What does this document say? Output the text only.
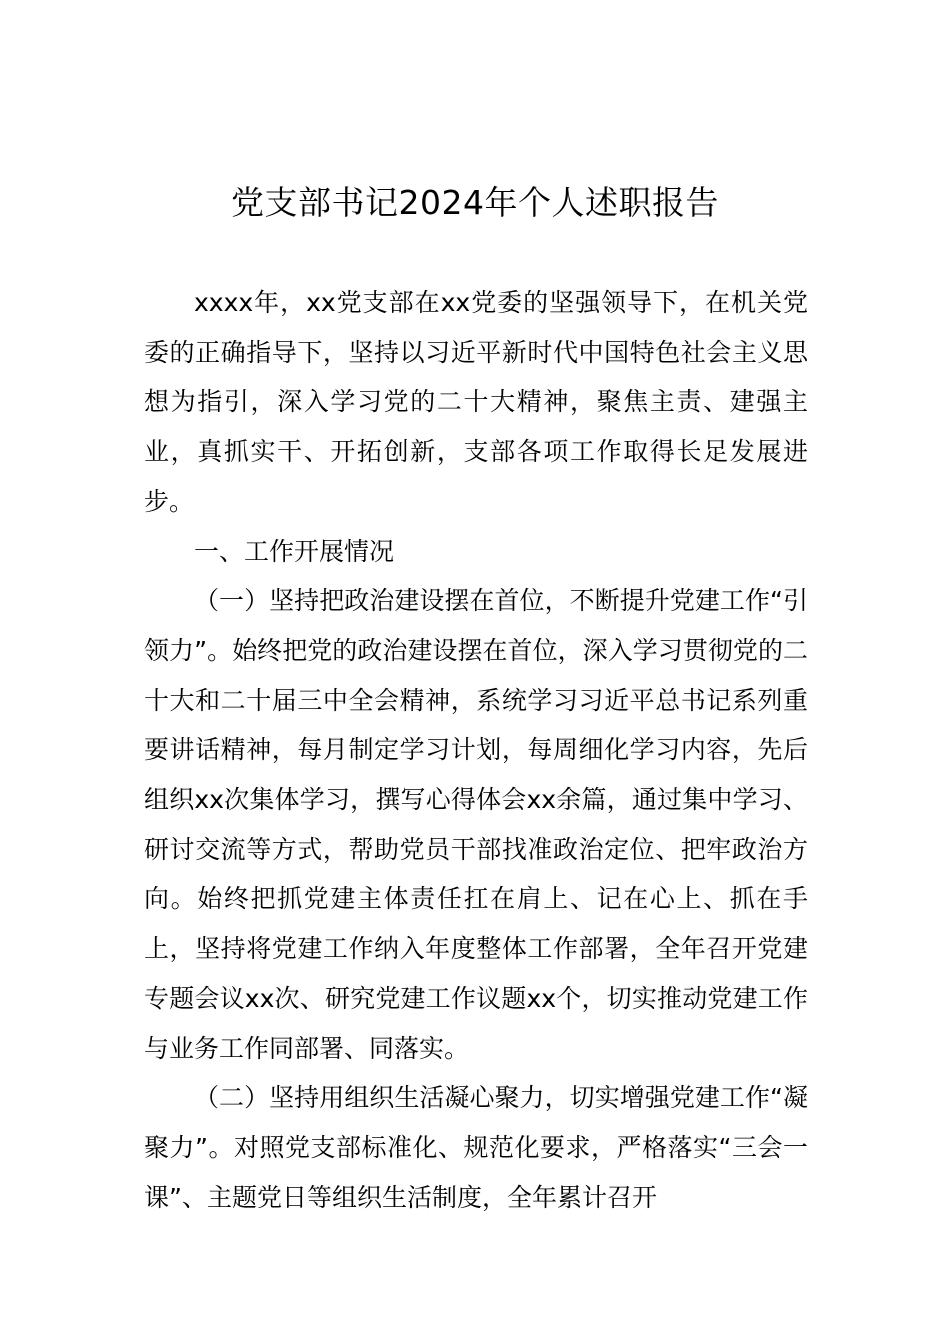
党支部书记2024年个人述职报告

xxxx年，xx党支部在xx党委的坚强领导下，在机关党委的正确指导下，坚持以习近平新时代中国特色社会主义思想为指引，深入学习党的二十大精神，聚焦主责、建强主业，真抓实干、开拓创新，支部各项工作取得长足发展进步。

一、工作开展情况

（一）坚持把政治建设摆在首位，不断提升党建工作“引领力”。始终把党的政治建设摆在首位，深入学习贯彻党的二十大和二十届三中全会精神，系统学习习近平总书记系列重要讲话精神，每月制定学习计划，每周细化学习内容，先后组织xx次集体学习，撰写心得体会xx余篇，通过集中学习、研讨交流等方式，帮助党员干部找准政治定位、把牢政治方向。始终把抓党建主体责任扛在肩上、记在心上、抓在手上，坚持将党建工作纳入年度整体工作部署，全年召开党建专题会议xx次、研究党建工作议题xx个，切实推动党建工作与业务工作同部署、同落实。

（二）坚持用组织生活凝心聚力，切实增强党建工作“凝聚力”。对照党支部标准化、规范化要求，严格落实“三会一课”、主题党日等组织生活制度，全年累计召开
